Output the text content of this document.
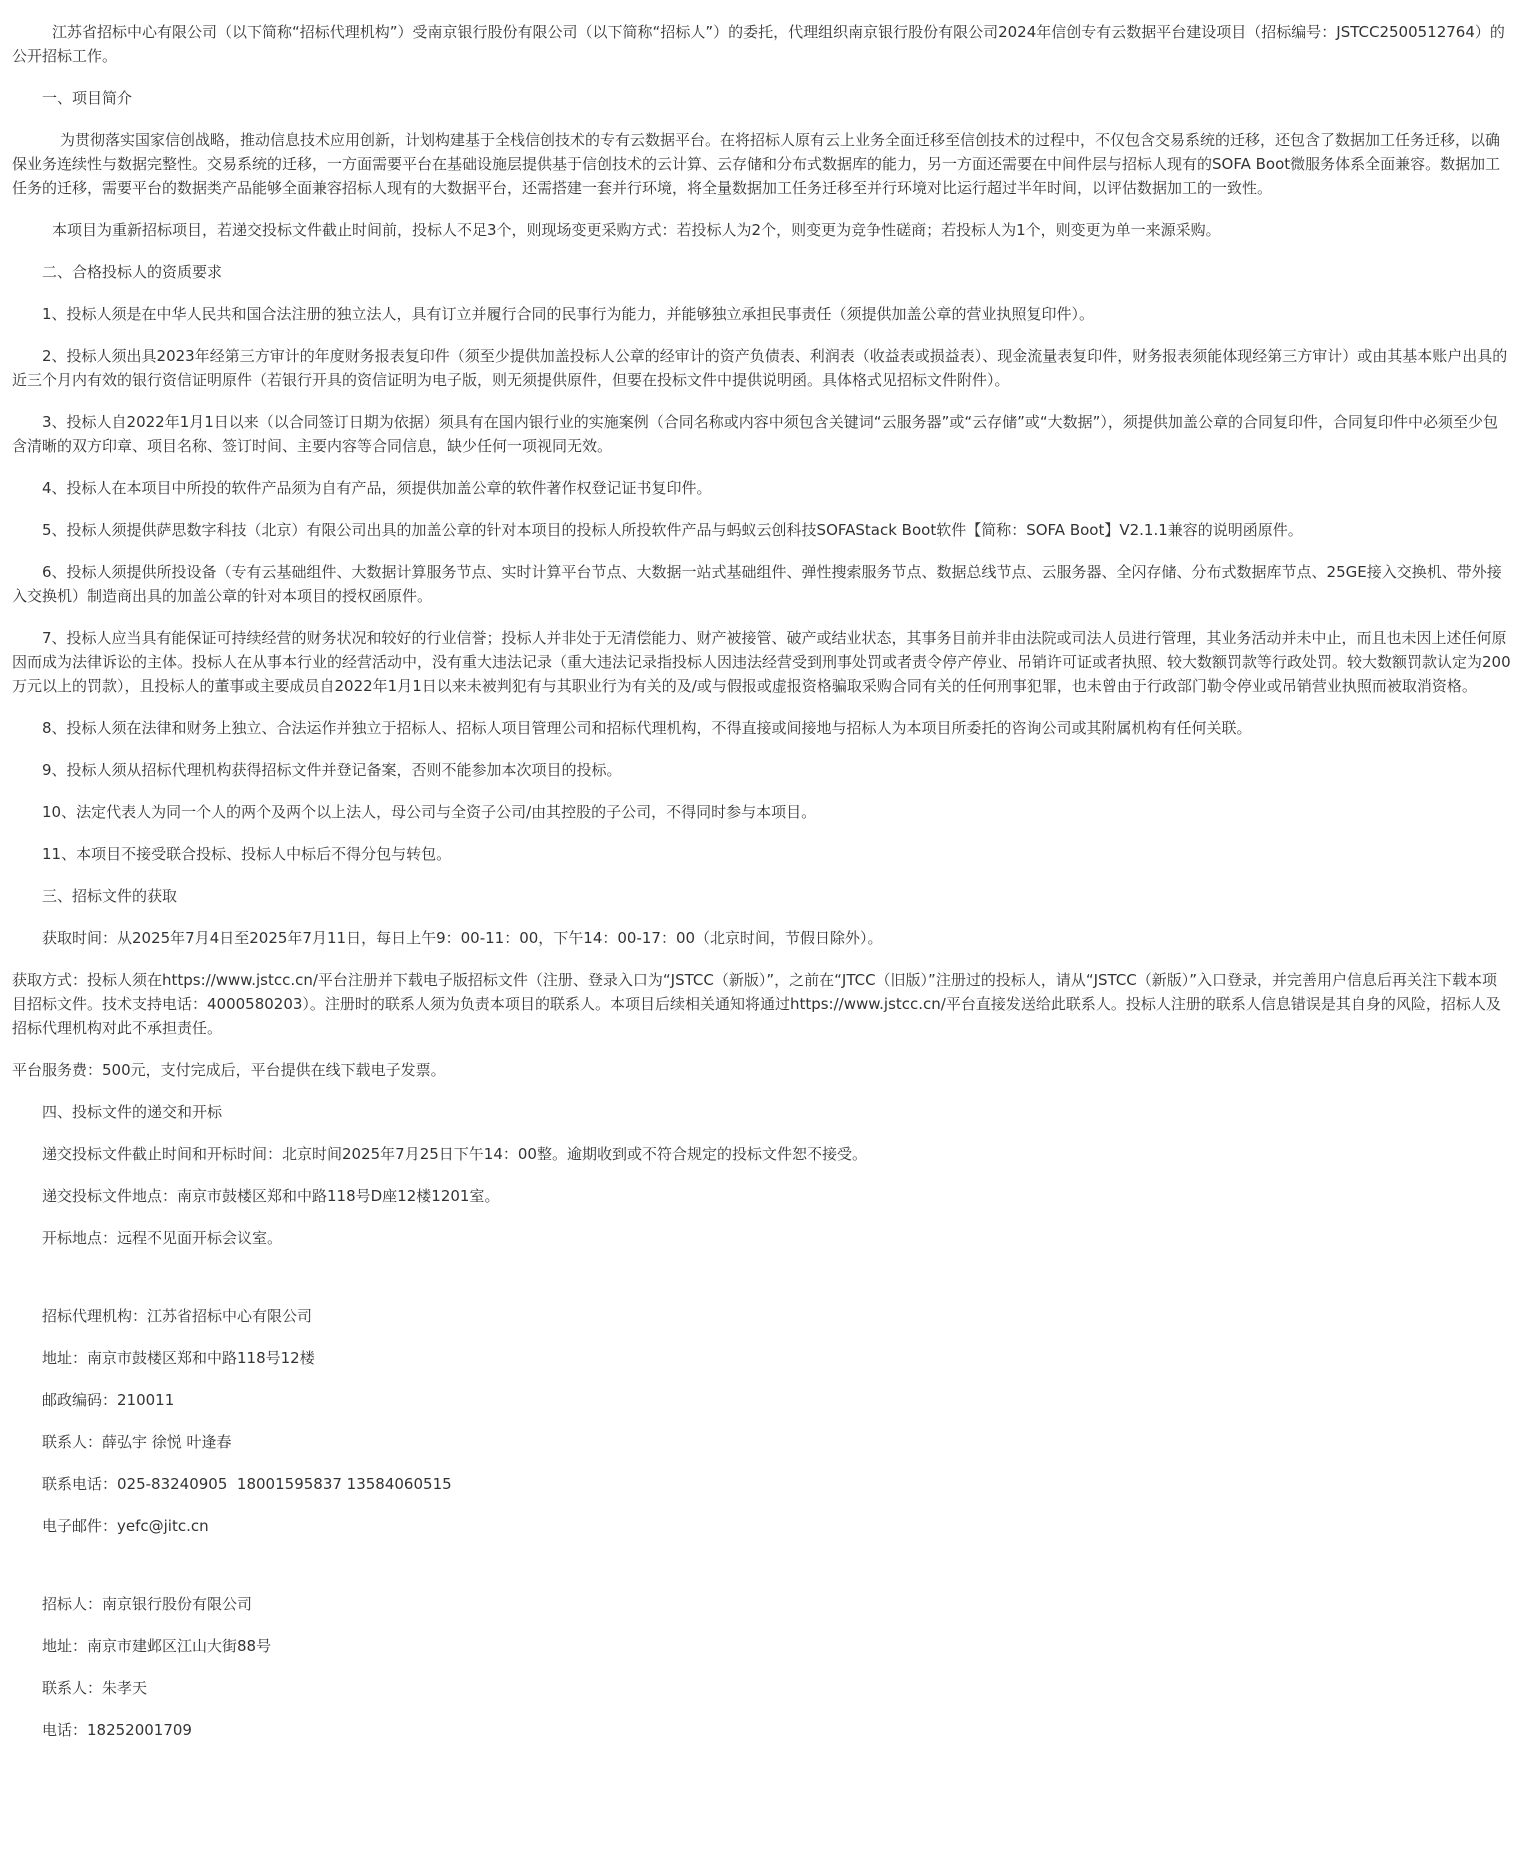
江苏省招标中心有限公司（以下简称“招标代理机构”）受南京银行股份有限公司（以下简称“招标人”）的委托，代理组织南京银行股份有限公司2024年信创专有云数据平台建设项目（招标编号：JSTCC2500512764）的公开招标工作。

一、项目简介

为贯彻落实国家信创战略，推动信息技术应用创新，计划构建基于全栈信创技术的专有云数据平台。在将招标人原有云上业务全面迁移至信创技术的过程中，不仅包含交易系统的迁移，还包含了数据加工任务迁移，以确保业务连续性与数据完整性。交易系统的迁移，一方面需要平台在基础设施层提供基于信创技术的云计算、云存储和分布式数据库的能力，另一方面还需要在中间件层与招标人现有的SOFA Boot微服务体系全面兼容。数据加工任务的迁移，需要平台的数据类产品能够全面兼容招标人现有的大数据平台，还需搭建一套并行环境，将全量数据加工任务迁移至并行环境对比运行超过半年时间，以评估数据加工的一致性。

本项目为重新招标项目，若递交投标文件截止时间前，投标人不足3个，则现场变更采购方式：若投标人为2个，则变更为竞争性磋商；若投标人为1个，则变更为单一来源采购。

二、合格投标人的资质要求

1、投标人须是在中华人民共和国合法注册的独立法人，具有订立并履行合同的民事行为能力，并能够独立承担民事责任（须提供加盖公章的营业执照复印件）。

2、投标人须出具2023年经第三方审计的年度财务报表复印件（须至少提供加盖投标人公章的经审计的资产负债表、利润表（收益表或损益表）、现金流量表复印件，财务报表须能体现经第三方审计）或由其基本账户出具的近三个月内有效的银行资信证明原件（若银行开具的资信证明为电子版，则无须提供原件，但要在投标文件中提供说明函。具体格式见招标文件附件）。

3、投标人自2022年1月1日以来（以合同签订日期为依据）须具有在国内银行业的实施案例（合同名称或内容中须包含关键词“云服务器”或“云存储”或“大数据”），须提供加盖公章的合同复印件，合同复印件中必须至少包含清晰的双方印章、项目名称、签订时间、主要内容等合同信息，缺少任何一项视同无效。

4、投标人在本项目中所投的软件产品须为自有产品，须提供加盖公章的软件著作权登记证书复印件。

5、投标人须提供萨思数字科技（北京）有限公司出具的加盖公章的针对本项目的投标人所投软件产品与蚂蚁云创科技SOFAStack Boot软件【简称：SOFA Boot】V2.1.1兼容的说明函原件。

6、投标人须提供所投设备（专有云基础组件、大数据计算服务节点、实时计算平台节点、大数据一站式基础组件、弹性搜索服务节点、数据总线节点、云服务器、全闪存储、分布式数据库节点、25GE接入交换机、带外接入交换机）制造商出具的加盖公章的针对本项目的授权函原件。

7、投标人应当具有能保证可持续经营的财务状况和较好的行业信誉；投标人并非处于无清偿能力、财产被接管、破产或结业状态，其事务目前并非由法院或司法人员进行管理，其业务活动并未中止，而且也未因上述任何原因而成为法律诉讼的主体。投标人在从事本行业的经营活动中，没有重大违法记录（重大违法记录指投标人因违法经营受到刑事处罚或者责令停产停业、吊销许可证或者执照、较大数额罚款等行政处罚。较大数额罚款认定为200万元以上的罚款），且投标人的董事或主要成员自2022年1月1日以来未被判犯有与其职业行为有关的及/或与假报或虚报资格骗取采购合同有关的任何刑事犯罪，也未曾由于行政部门勒令停业或吊销营业执照而被取消资格。

8、投标人须在法律和财务上独立、合法运作并独立于招标人、招标人项目管理公司和招标代理机构，不得直接或间接地与招标人为本项目所委托的咨询公司或其附属机构有任何关联。

9、投标人须从招标代理机构获得招标文件并登记备案，否则不能参加本次项目的投标。

10、法定代表人为同一个人的两个及两个以上法人，母公司与全资子公司/由其控股的子公司，不得同时参与本项目。

11、本项目不接受联合投标、投标人中标后不得分包与转包。

三、招标文件的获取

获取时间：从2025年7月4日至2025年7月11日，每日上午9：00-11：00，下午14：00-17：00（北京时间，节假日除外）。

获取方式：投标人须在https://www.jstcc.cn/平台注册并下载电子版招标文件（注册、登录入口为“JSTCC（新版）”，之前在“JTCC（旧版）”注册过的投标人，请从“JSTCC（新版）”入口登录，并完善用户信息后再关注下载本项目招标文件。技术支持电话：4000580203）。注册时的联系人须为负责本项目的联系人。本项目后续相关通知将通过https://www.jstcc.cn/平台直接发送给此联系人。投标人注册的联系人信息错误是其自身的风险，招标人及招标代理机构对此不承担责任。

平台服务费：500元，支付完成后，平台提供在线下载电子发票。

四、投标文件的递交和开标

递交投标文件截止时间和开标时间：北京时间2025年7月25日下午14：00整。逾期收到或不符合规定的投标文件恕不接受。

递交投标文件地点：南京市鼓楼区郑和中路118号D座12楼1201室。

开标地点：远程不见面开标会议室。

招标代理机构：江苏省招标中心有限公司

地址：南京市鼓楼区郑和中路118号12楼

邮政编码：210011

联系人：薛弘宇 徐悦 叶逢春

联系电话：025-83240905  18001595837 13584060515

电子邮件：yefc@jitc.cn

招标人：南京银行股份有限公司

地址：南京市建邺区江山大街88号

联系人：朱孝天

电话：18252001709
